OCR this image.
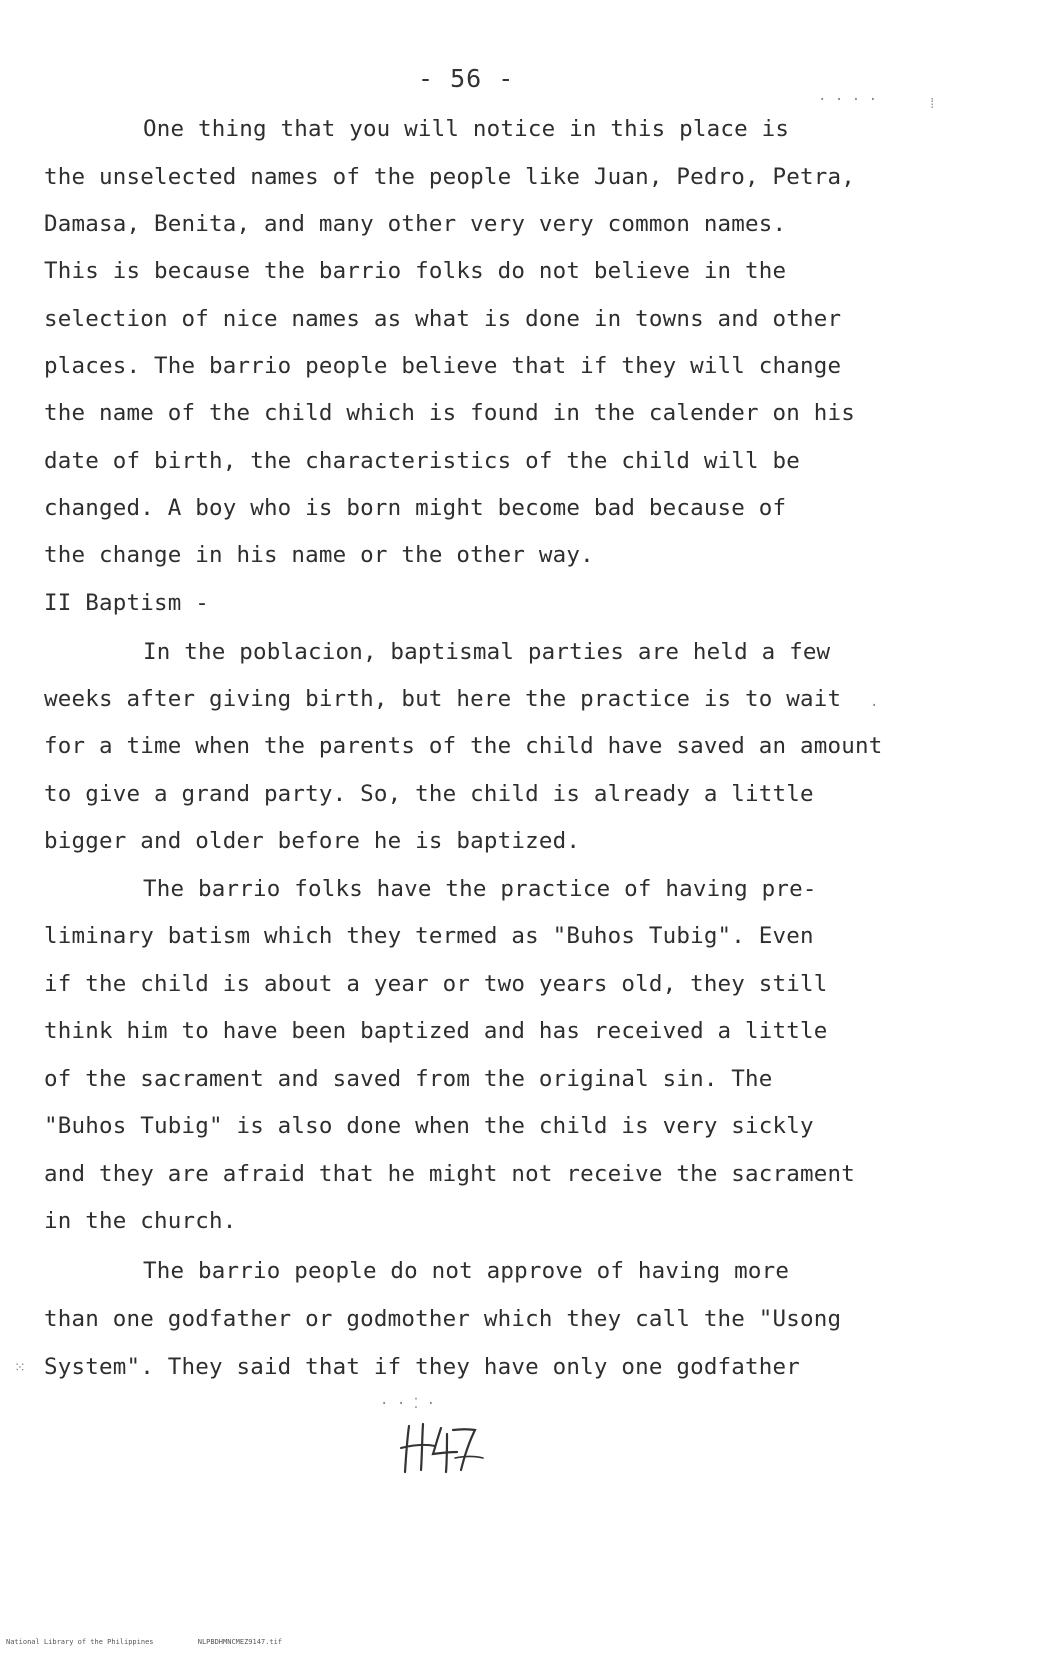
- 56 -
One thing that you will notice in this place is
the unselected names of the people like Juan, Pedro, Petra,
Damasa, Benita, and many other very very common names.
This is because the barrio folks do not believe in the
selection of nice names as what is done in towns and other
places. The barrio people believe that if they will change
the name of the child which is found in the calender on his
date of birth, the characteristics of the child will be
changed. A boy who is born might become bad because of
the change in his name or the other way.
II Baptism -
In the poblacion, baptismal parties are held a few
weeks after giving birth, but here the practice is to wait
for a time when the parents of the child have saved an amount
to give a grand party. So, the child is already a little
bigger and older before he is baptized.
The barrio folks have the practice of having pre-
liminary batism which they termed as "Buhos Tubig". Even
if the child is about a year or two years old, they still
think him to have been baptized and has received a little
of the sacrament and saved from the original sin. The
"Buhos Tubig" is also done when the child is very sickly
and they are afraid that he might not receive the sacrament
in the church.
The barrio people do not approve of having more
than one godfather or godmother which they call the "Usong
System". They said that if they have only one godfather
· · · ·	⁞
·
⁙
· · ⁚ ·
National Library of the Philippines	NLPBDHMNCMEZ9147.tif
